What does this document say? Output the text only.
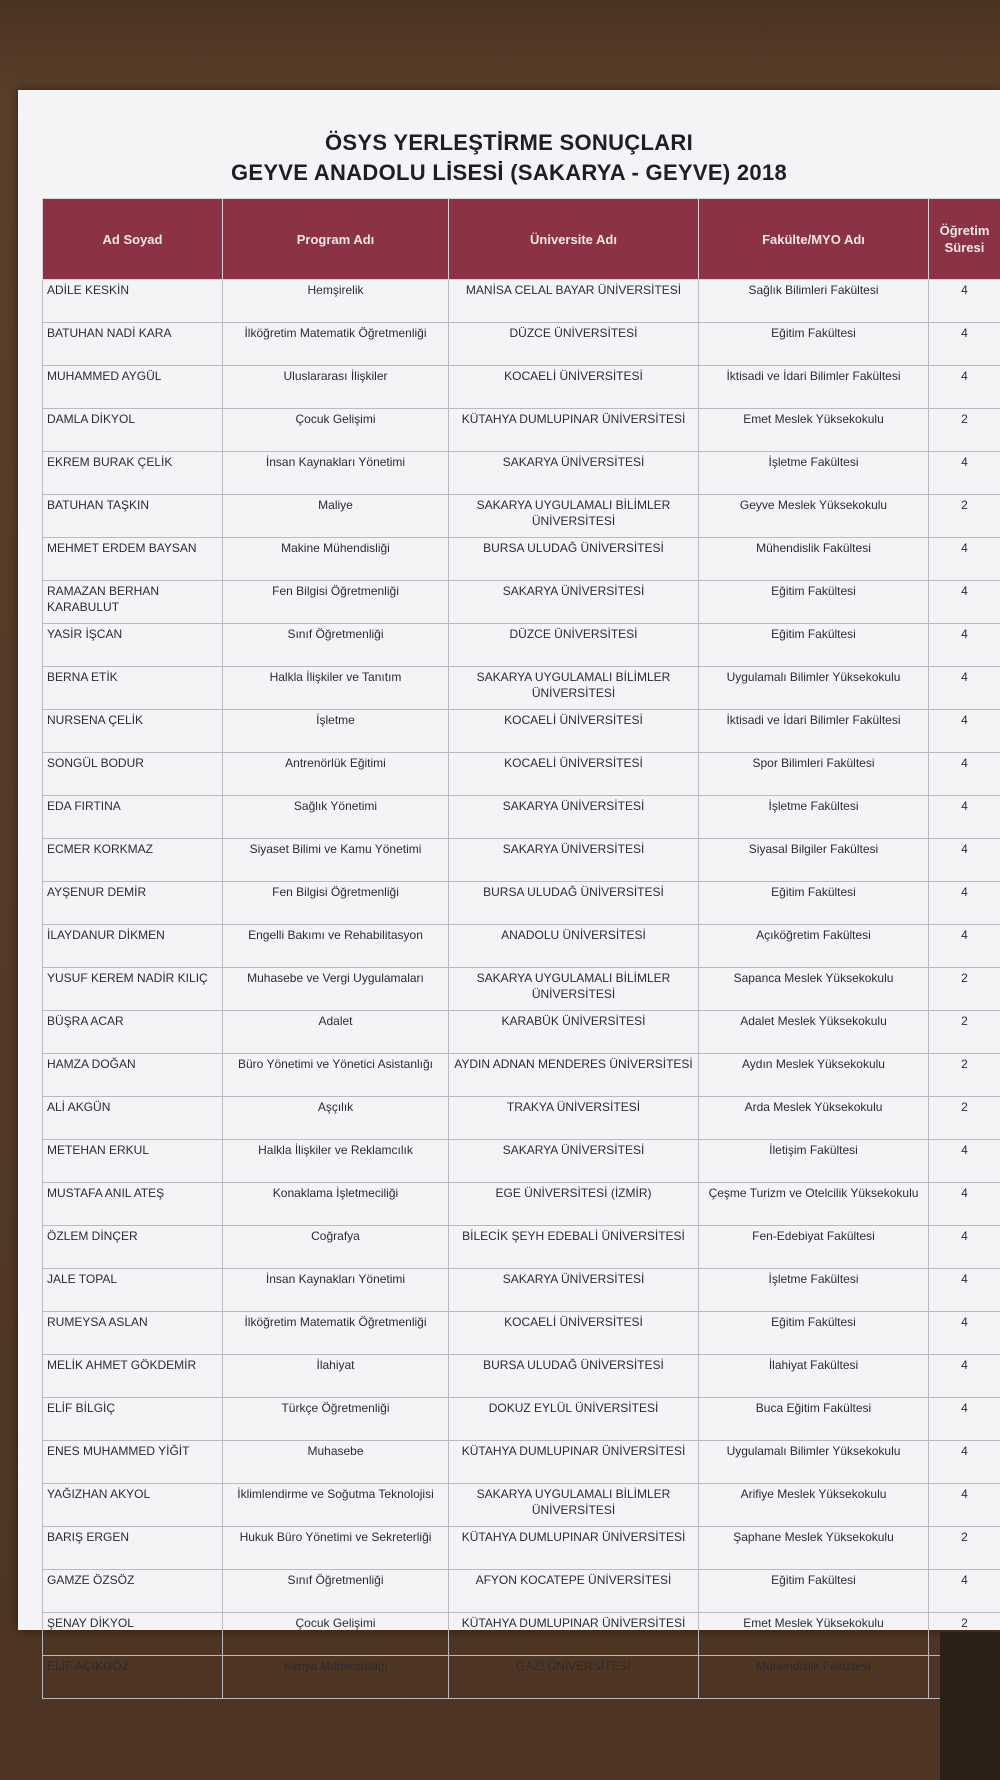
ÖSYS YERLEŞTİRME SONUÇLARI
GEYVE ANADOLU LİSESİ (SAKARYA - GEYVE) 2018
Ad Soyad	Program Adı	Üniversite Adı	Fakülte/MYO Adı	Öğretim Süresi
ADİLE KESKİN	Hemşirelik	MANİSA CELAL BAYAR ÜNİVERSİTESİ	Sağlık Bilimleri Fakültesi	4
BATUHAN NADİ KARA	İlköğretim Matematik Öğretmenliği	DÜZCE ÜNİVERSİTESİ	Eğitim Fakültesi	4
MUHAMMED AYGÜL	Uluslararası İlişkiler	KOCAELİ ÜNİVERSİTESİ	İktisadi ve İdari Bilimler Fakültesi	4
DAMLA DİKYOL	Çocuk Gelişimi	KÜTAHYA DUMLUPINAR ÜNİVERSİTESİ	Emet Meslek Yüksekokulu	2
EKREM BURAK ÇELİK	İnsan Kaynakları Yönetimi	SAKARYA ÜNİVERSİTESİ	İşletme Fakültesi	4
BATUHAN TAŞKIN	Maliye	SAKARYA UYGULAMALI BİLİMLER ÜNİVERSİTESİ	Geyve Meslek Yüksekokulu	2
MEHMET ERDEM BAYSAN	Makine Mühendisliği	BURSA ULUDAĞ ÜNİVERSİTESİ	Mühendislik Fakültesi	4
RAMAZAN BERHAN KARABULUT	Fen Bilgisi Öğretmenliği	SAKARYA ÜNİVERSİTESİ	Eğitim Fakültesi	4
YASİR İŞCAN	Sınıf Öğretmenliği	DÜZCE ÜNİVERSİTESİ	Eğitim Fakültesi	4
BERNA ETİK	Halkla İlişkiler ve Tanıtım	SAKARYA UYGULAMALI BİLİMLER ÜNİVERSİTESİ	Uygulamalı Bilimler Yüksekokulu	4
NURSENA ÇELİK	İşletme	KOCAELİ ÜNİVERSİTESİ	İktisadi ve İdari Bilimler Fakültesi	4
SONGÜL BODUR	Antrenörlük Eğitimi	KOCAELİ ÜNİVERSİTESİ	Spor Bilimleri Fakültesi	4
EDA FIRTINA	Sağlık Yönetimi	SAKARYA ÜNİVERSİTESİ	İşletme Fakültesi	4
ECMER KORKMAZ	Siyaset Bilimi ve Kamu Yönetimi	SAKARYA ÜNİVERSİTESİ	Siyasal Bilgiler Fakültesi	4
AYŞENUR DEMİR	Fen Bilgisi Öğretmenliği	BURSA ULUDAĞ ÜNİVERSİTESİ	Eğitim Fakültesi	4
İLAYDANUR DİKMEN	Engelli Bakımı ve Rehabilitasyon	ANADOLU ÜNİVERSİTESİ	Açıköğretim Fakültesi	4
YUSUF KEREM NADİR KILIÇ	Muhasebe ve Vergi Uygulamaları	SAKARYA UYGULAMALI BİLİMLER ÜNİVERSİTESİ	Sapanca Meslek Yüksekokulu	2
BÜŞRA ACAR	Adalet	KARABÜK ÜNİVERSİTESİ	Adalet Meslek Yüksekokulu	2
HAMZA DOĞAN	Büro Yönetimi ve Yönetici Asistanlığı	AYDIN ADNAN MENDERES ÜNİVERSİTESİ	Aydın Meslek Yüksekokulu	2
ALİ AKGÜN	Aşçılık	TRAKYA ÜNİVERSİTESİ	Arda Meslek Yüksekokulu	2
METEHAN ERKUL	Halkla İlişkiler ve Reklamcılık	SAKARYA ÜNİVERSİTESİ	İletişim Fakültesi	4
MUSTAFA ANIL ATEŞ	Konaklama İşletmeciliği	EGE ÜNİVERSİTESİ (İZMİR)	Çeşme Turizm ve Otelcilik Yüksekokulu	4
ÖZLEM DİNÇER	Coğrafya	BİLECİK ŞEYH EDEBALİ ÜNİVERSİTESİ	Fen-Edebiyat Fakültesi	4
JALE TOPAL	İnsan Kaynakları Yönetimi	SAKARYA ÜNİVERSİTESİ	İşletme Fakültesi	4
RUMEYSA ASLAN	İlköğretim Matematik Öğretmenliği	KOCAELİ ÜNİVERSİTESİ	Eğitim Fakültesi	4
MELİK AHMET GÖKDEMİR	İlahiyat	BURSA ULUDAĞ ÜNİVERSİTESİ	İlahiyat Fakültesi	4
ELİF BİLGİÇ	Türkçe Öğretmenliği	DOKUZ EYLÜL ÜNİVERSİTESİ	Buca Eğitim Fakültesi	4
ENES MUHAMMED YİĞİT	Muhasebe	KÜTAHYA DUMLUPINAR ÜNİVERSİTESİ	Uygulamalı Bilimler Yüksekokulu	4
YAĞIZHAN AKYOL	İklimlendirme ve Soğutma Teknolojisi	SAKARYA UYGULAMALI BİLİMLER ÜNİVERSİTESİ	Arifiye Meslek Yüksekokulu	4
BARIŞ ERGEN	Hukuk Büro Yönetimi ve Sekreterliği	KÜTAHYA DUMLUPINAR ÜNİVERSİTESİ	Şaphane Meslek Yüksekokulu	2
GAMZE ÖZSÖZ	Sınıf Öğretmenliği	AFYON KOCATEPE ÜNİVERSİTESİ	Eğitim Fakültesi	4
ŞENAY DİKYOL	Çocuk Gelişimi	KÜTAHYA DUMLUPINAR ÜNİVERSİTESİ	Emet Meslek Yüksekokulu	2
ELİF AÇIKGÖZ	Kimya Mühendisliği	GAZİ ÜNİVERSİTESİ	Mühendislik Fakültesi	
